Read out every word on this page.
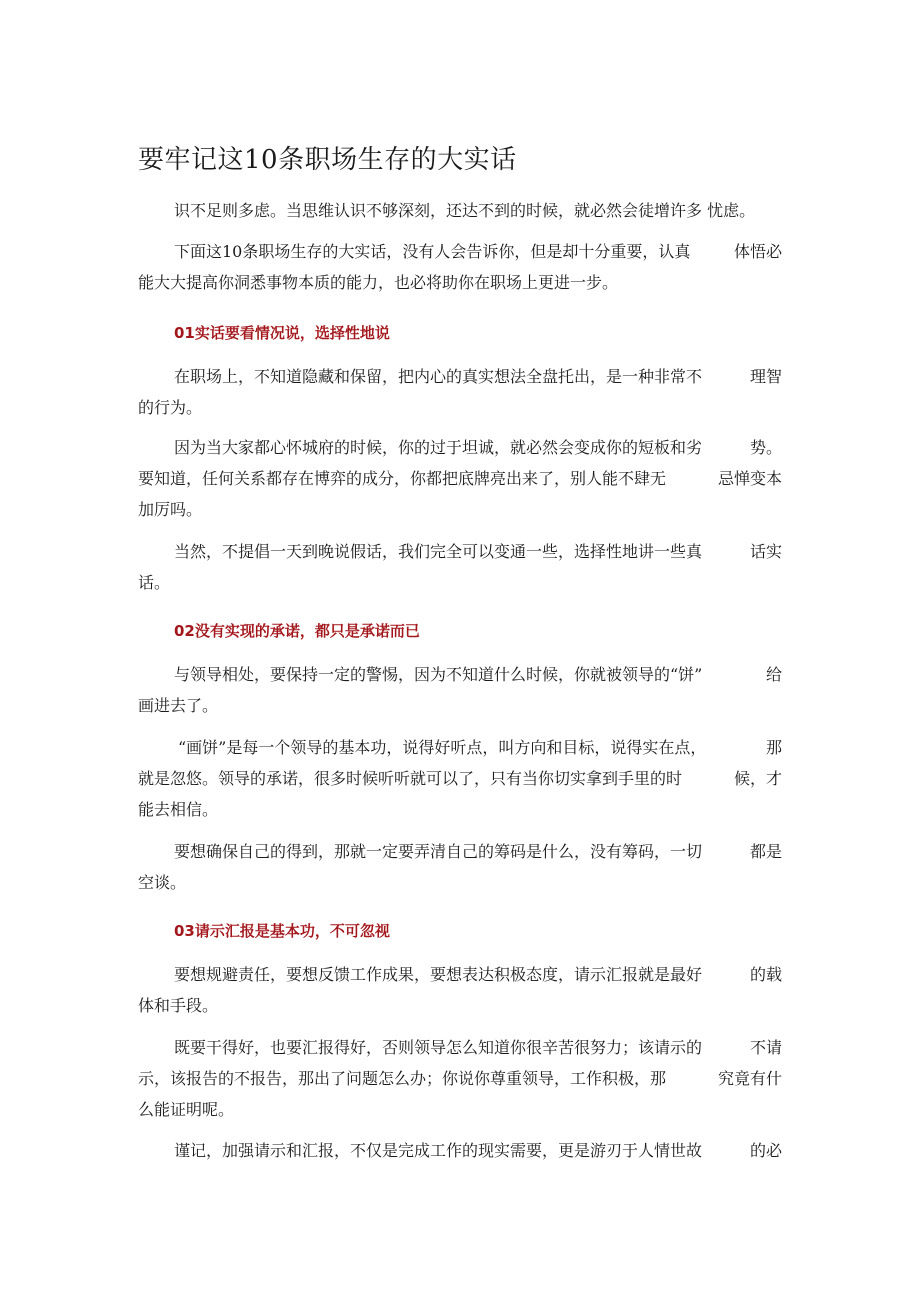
要牢记这10条职场生存的大实话
识不足则多虑。当思维认识不够深刻，还达不到的时候，就必然会徒增许多 忧虑。
下面这10条职场生存的大实话，没有人会告诉你，但是却十分重要，认真	体悟必
能大大提高你洞悉事物本质的能力，也必将助你在职场上更进一步。
01实话要看情况说，选择性地说
在职场上，不知道隐藏和保留，把内心的真实想法全盘托出，是一种非常不	理智
的行为。
因为当大家都心怀城府的时候，你的过于坦诚，就必然会变成你的短板和劣	势。
要知道，任何关系都存在博弈的成分，你都把底牌亮出来了，别人能不肆无	忌惮变本
加厉吗。
当然，不提倡一天到晚说假话，我们完全可以变通一些，选择性地讲一些真	话实
话。
02没有实现的承诺，都只是承诺而已
与领导相处，要保持一定的警惕，因为不知道什么时候，你就被领导的“饼”	给
画进去了。
“画饼”是每一个领导的基本功，说得好听点，叫方向和目标，说得实在点，	那
就是忽悠。领导的承诺，很多时候听听就可以了，只有当你切实拿到手里的时	候，才
能去相信。
要想确保自己的得到，那就一定要弄清自己的筹码是什么，没有筹码，一切	都是
空谈。
03请示汇报是基本功，不可忽视
要想规避责任，要想反馈工作成果，要想表达积极态度，请示汇报就是最好	的载
体和手段。
既要干得好，也要汇报得好，否则领导怎么知道你很辛苦很努力；该请示的	不请
示，该报告的不报告，那出了问题怎么办；你说你尊重领导，工作积极，那	究竟有什
么能证明呢。
谨记，加强请示和汇报，不仅是完成工作的现实需要，更是游刃于人情世故	的必
